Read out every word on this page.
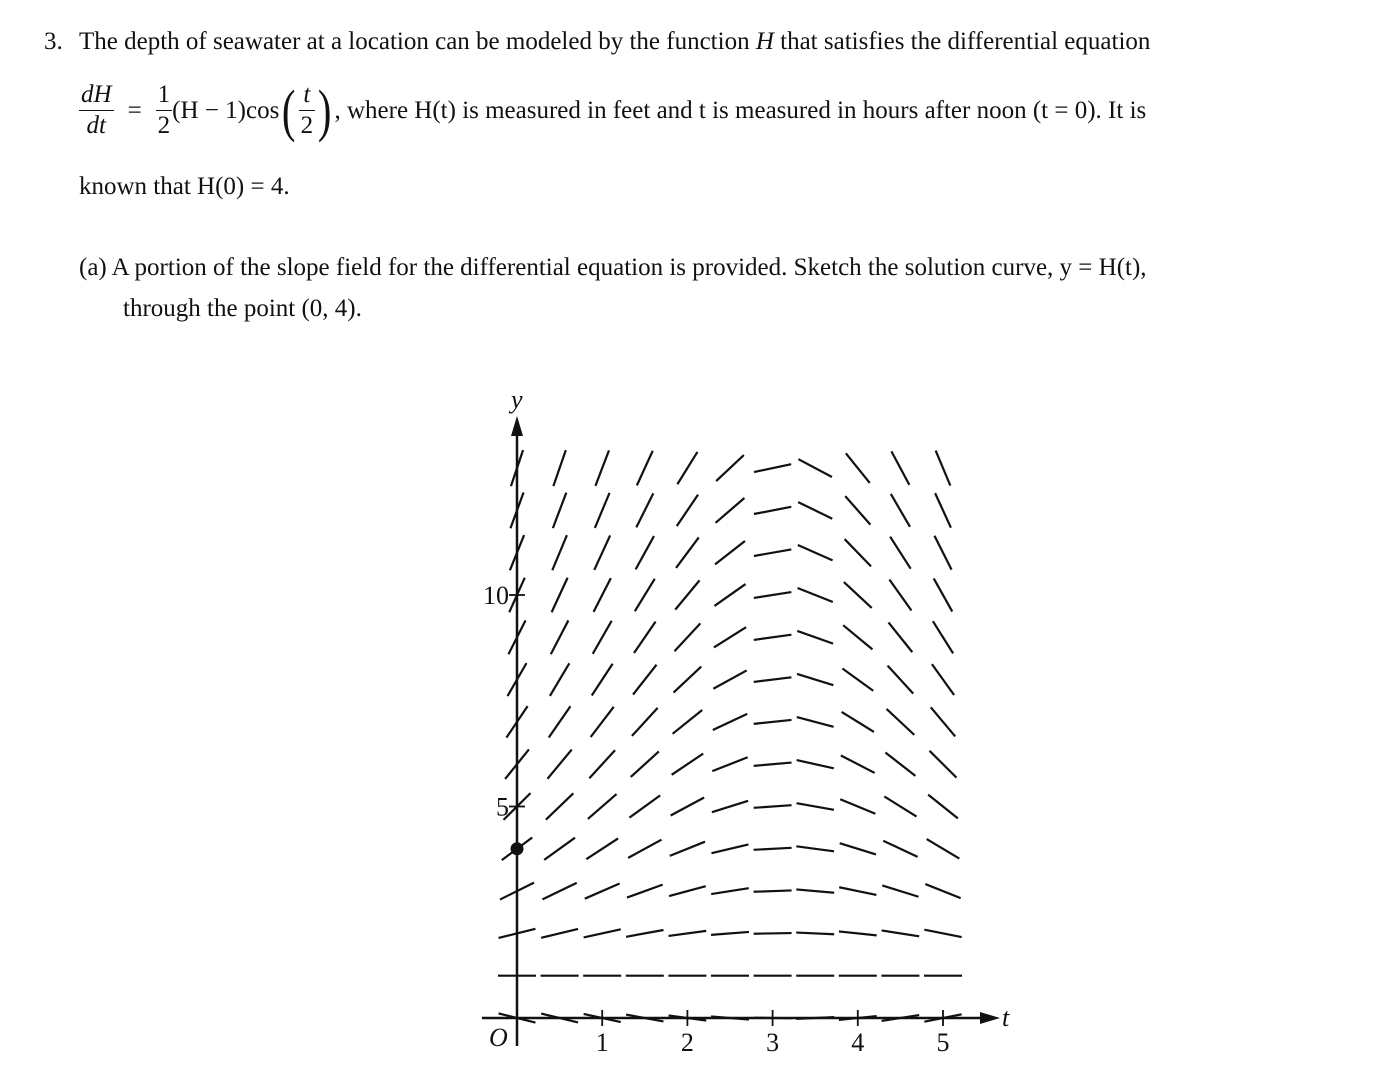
3. The depth of seawater at a location can be modeled by the function H that satisfies the differential equation
$\frac{dH}{dt} = \frac{1}{2} (H - 1)\cos$ ( $\frac{t}{2}$ ) , where H(t) is measured in feet and t is measured in hours after noon (t = 0). It is
known that H(0) = 4.
(a) A portion of the slope field for the differential equation is provided. Sketch the solution curve, y = H(t),
through the point (0, 4).
t
y
O	1	2	3	4	5
5
10
